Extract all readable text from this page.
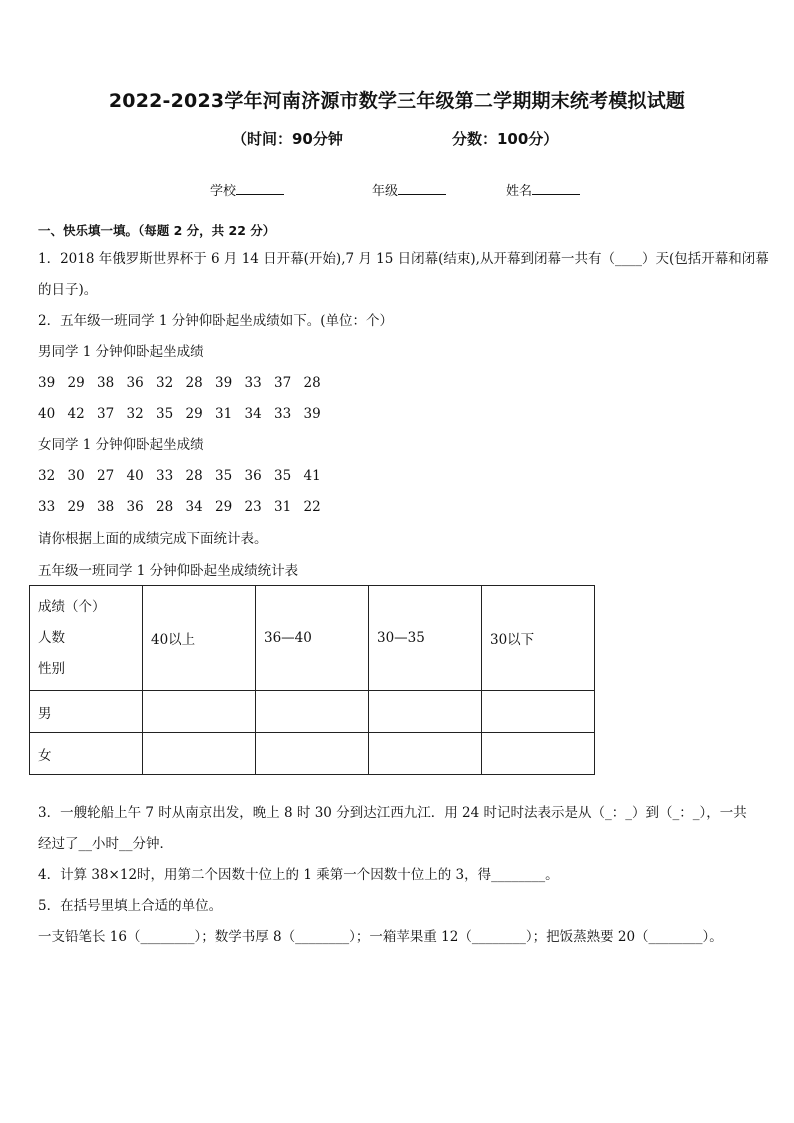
2022-2023学年河南济源市数学三年级第二学期期末统考模拟试题
（时间：90分钟	分数：100分）
学校	年级	姓名
一、快乐填一填。（每题 2 分，共 22 分）
1．2018 年俄罗斯世界杯于 6 月 14 日开幕(开始),7 月 15 日闭幕(结束),从开幕到闭幕一共有（____）天(包括开幕和闭幕
的日子)。
2．五年级一班同学 1 分钟仰卧起坐成绩如下。(单位：个）
男同学 1 分钟仰卧起坐成绩
39 29 38 36 32 28 39 33 37 28
40 42 37 32 35 29 31 34 33 39
女同学 1 分钟仰卧起坐成绩
32 30 27 40 33 28 35 36 35 41
33 29 38 36 28 34 29 23 31 22
请你根据上面的成绩完成下面统计表。
五年级一班同学 1 分钟仰卧起坐成绩统计表
成绩（个）
人数
性别	40以上	36—40	30—35	30以下
男				
女				
3．一艘轮船上午 7 时从南京出发，晚上 8 时 30 分到达江西九江．用 24 时记时法表示是从（_：_）到（_：_），一共
经过了__小时__分钟．
4．计算 38×12时，用第二个因数十位上的 1 乘第一个因数十位上的 3，得________。
5．在括号里填上合适的单位。
一支铅笔长 16（________）；数学书厚 8（________）；一箱苹果重 12（________）；把饭蒸熟要 20（________）。
